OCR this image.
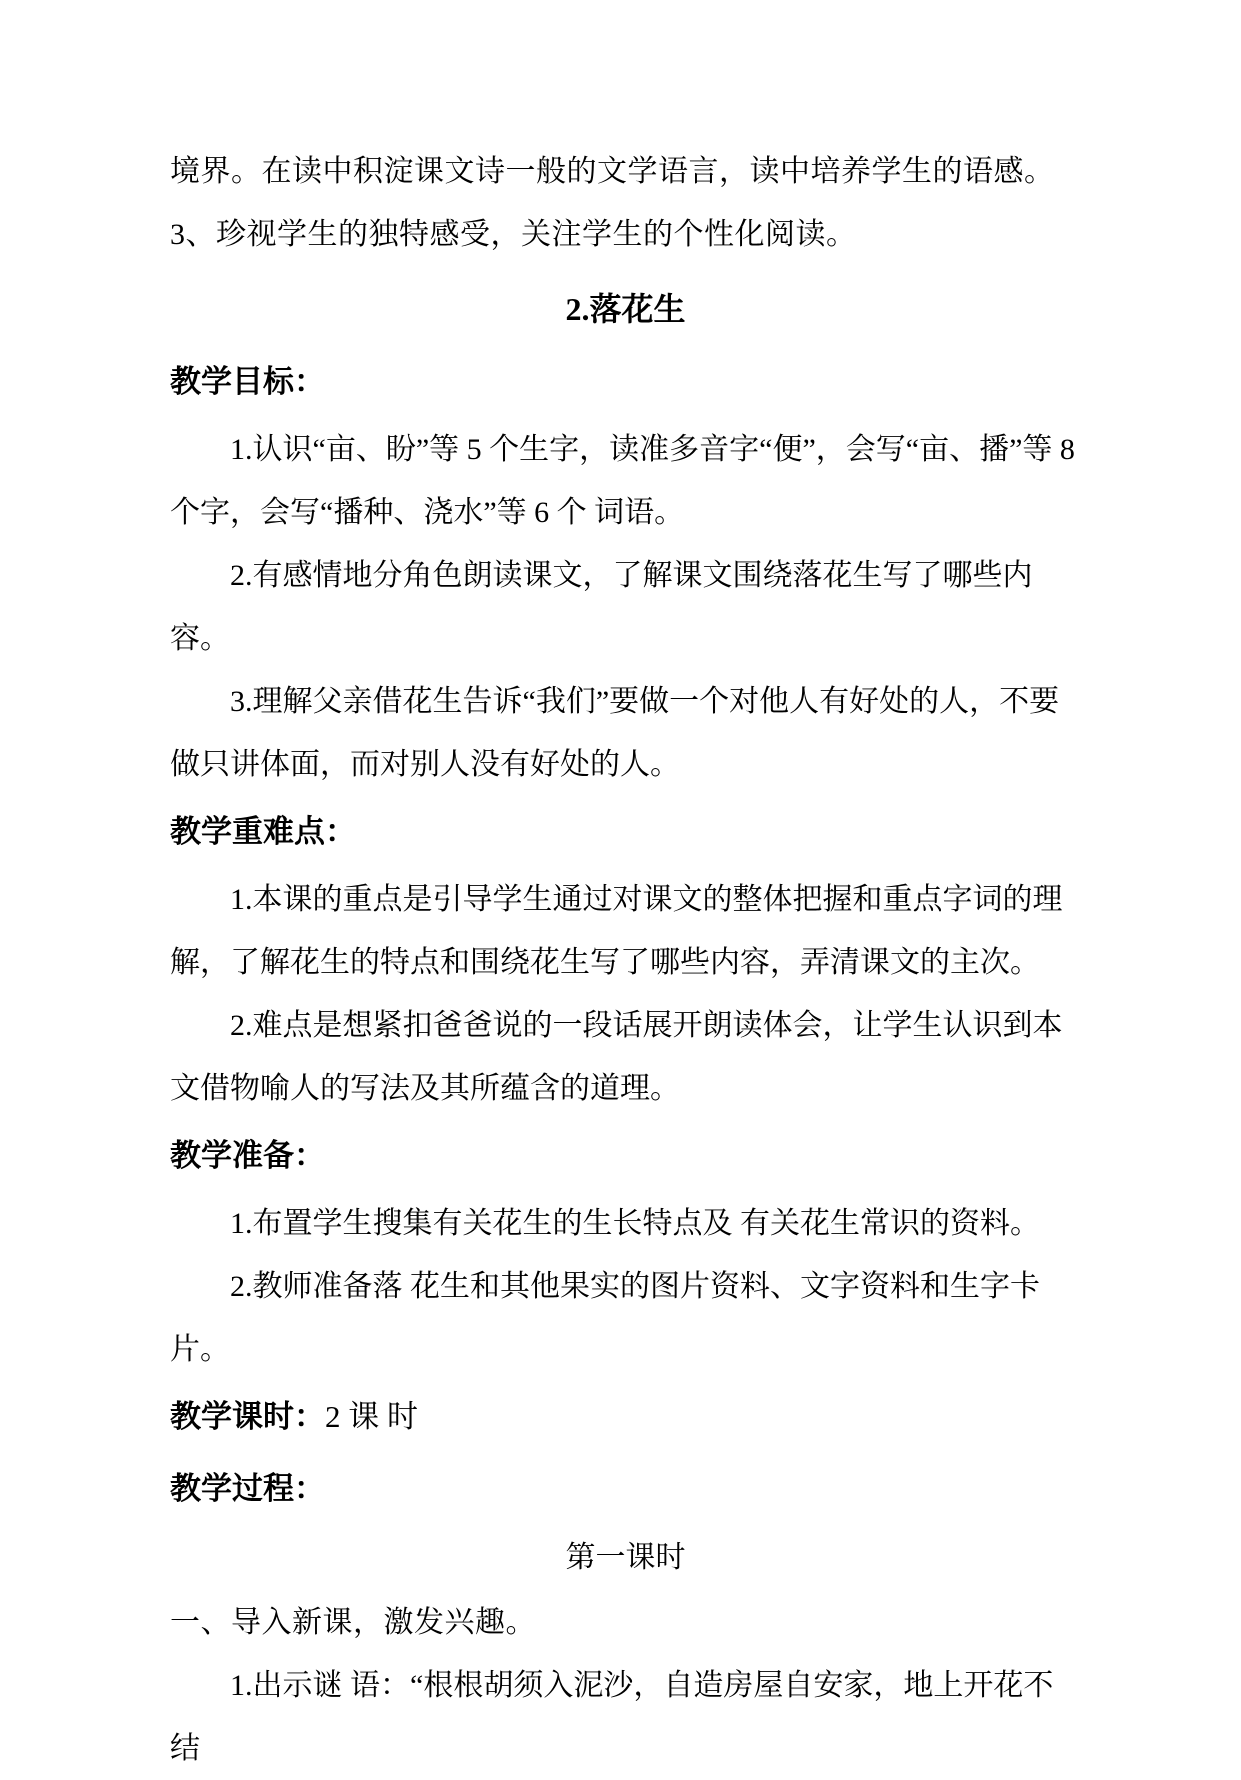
境界。在读中积淀课文诗一般的文学语言，读中培养学生的语感。
3、珍视学生的独特感受，关注学生的个性化阅读。
2.落花生
教学目标：

1.认识“亩、盼”等 5 个生字，读准多音字“便”，会写“亩、播”等 8 个字，会写“播种、浇水”等 6 个 词语。

2.有感情地分角色朗读课文，了解课文围绕落花生写了哪些内容。

3.理解父亲借花生告诉“我们”要做一个对他人有好处的人，不要做只讲体面，而对别人没有好处的人。

教学重难点：

1.本课的重点是引导学生通过对课文的整体把握和重点字词的理解，了解花生的特点和围绕花生写了哪些内容，弄清课文的主次。

2.难点是想紧扣爸爸说的一段话展开朗读体会，让学生认识到本文借物喻人的写法及其所蕴含的道理。

教学准备：

1.布置学生搜集有关花生的生长特点及 有关花生常识的资料。

2.教师准备落 花生和其他果实的图片资料、文字资料和生字卡片。

教学课时：2 课 时
教学过程：
第一课时
一、导入新课，激发兴趣。

1.出示谜 语：“根根胡须入泥沙，自造房屋自安家，地上开花不结
